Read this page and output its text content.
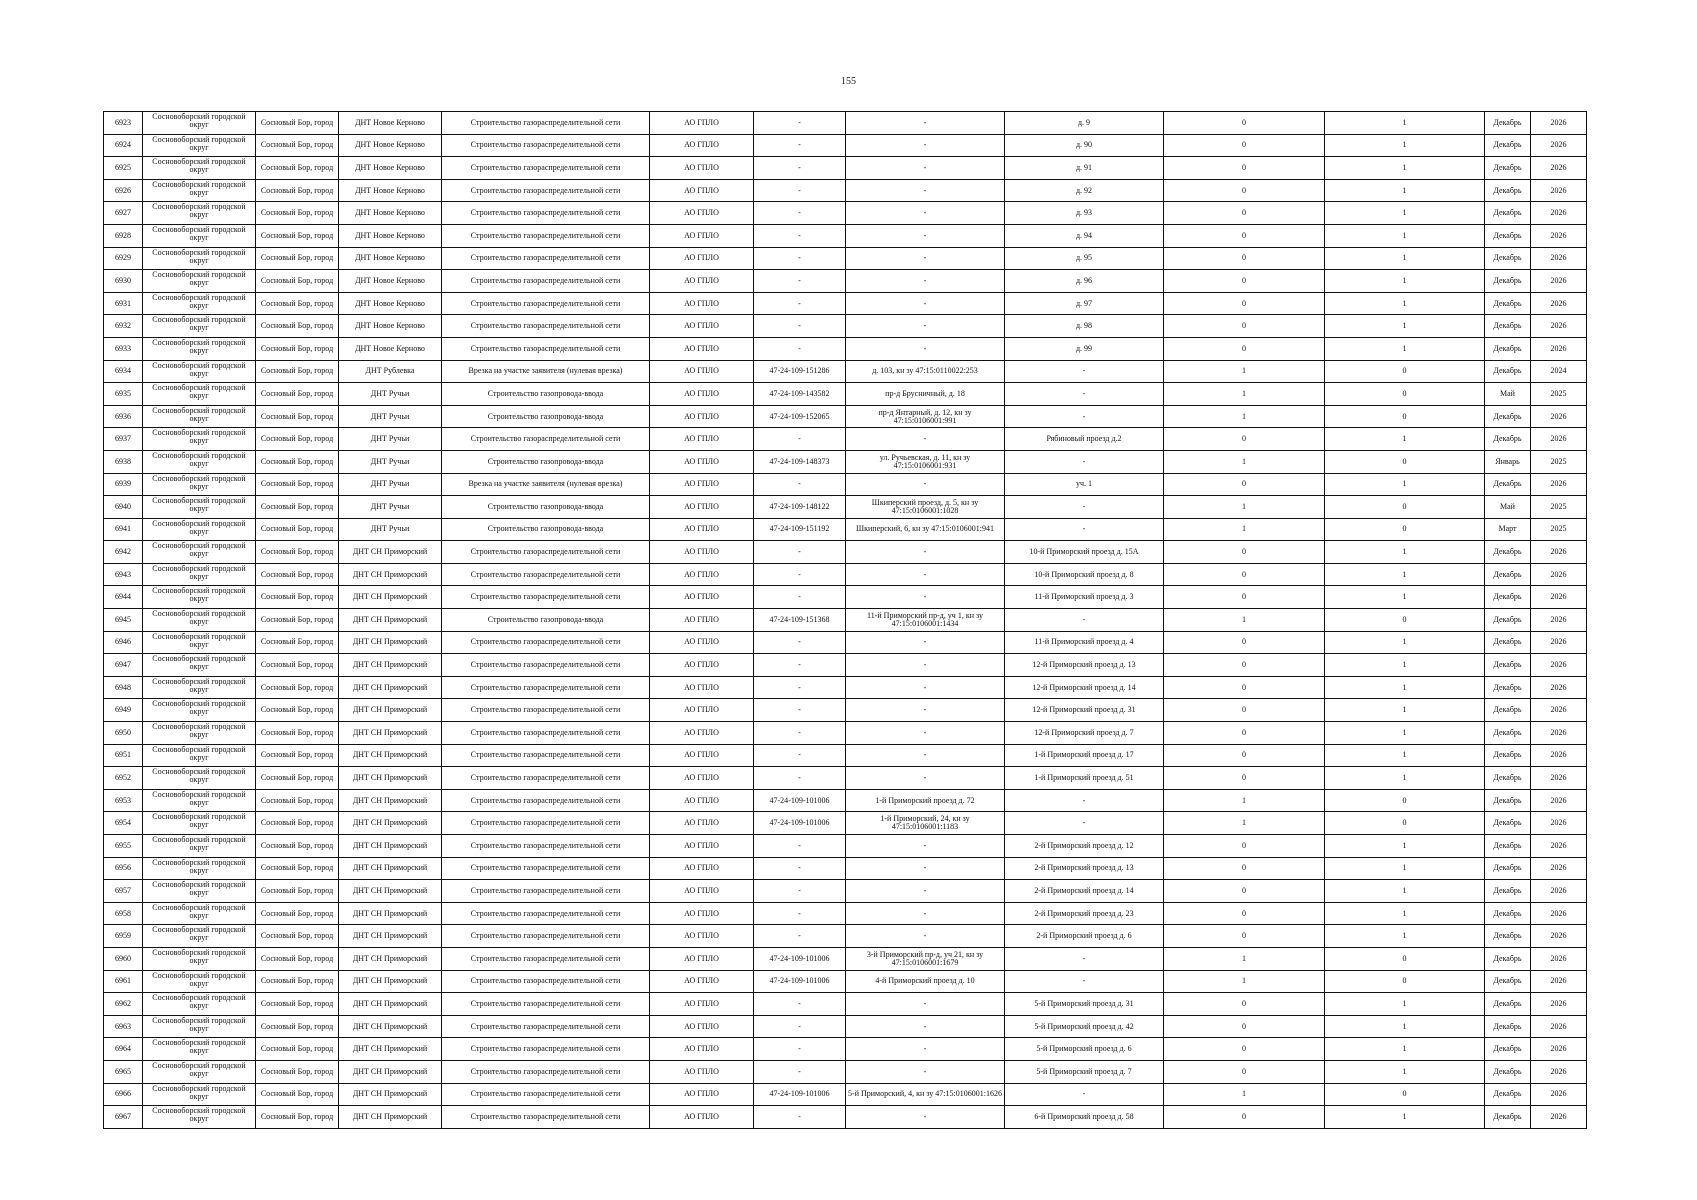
155
6923	Сосновоборский городской округ	Сосновый Бор, город	ДНТ Новое Керново	Строительство газораспределительной сети	АО ГПЛО	-	-	д. 9	0	1	Декабрь	2026
6924	Сосновоборский городской округ	Сосновый Бор, город	ДНТ Новое Керново	Строительство газораспределительной сети	АО ГПЛО	-	-	д. 90	0	1	Декабрь	2026
6925	Сосновоборский городской округ	Сосновый Бор, город	ДНТ Новое Керново	Строительство газораспределительной сети	АО ГПЛО	-	-	д. 91	0	1	Декабрь	2026
6926	Сосновоборский городской округ	Сосновый Бор, город	ДНТ Новое Керново	Строительство газораспределительной сети	АО ГПЛО	-	-	д. 92	0	1	Декабрь	2026
6927	Сосновоборский городской округ	Сосновый Бор, город	ДНТ Новое Керново	Строительство газораспределительной сети	АО ГПЛО	-	-	д. 93	0	1	Декабрь	2026
6928	Сосновоборский городской округ	Сосновый Бор, город	ДНТ Новое Керново	Строительство газораспределительной сети	АО ГПЛО	-	-	д. 94	0	1	Декабрь	2026
6929	Сосновоборский городской округ	Сосновый Бор, город	ДНТ Новое Керново	Строительство газораспределительной сети	АО ГПЛО	-	-	д. 95	0	1	Декабрь	2026
6930	Сосновоборский городской округ	Сосновый Бор, город	ДНТ Новое Керново	Строительство газораспределительной сети	АО ГПЛО	-	-	д. 96	0	1	Декабрь	2026
6931	Сосновоборский городской округ	Сосновый Бор, город	ДНТ Новое Керново	Строительство газораспределительной сети	АО ГПЛО	-	-	д. 97	0	1	Декабрь	2026
6932	Сосновоборский городской округ	Сосновый Бор, город	ДНТ Новое Керново	Строительство газораспределительной сети	АО ГПЛО	-	-	д. 98	0	1	Декабрь	2026
6933	Сосновоборский городской округ	Сосновый Бор, город	ДНТ Новое Керново	Строительство газораспределительной сети	АО ГПЛО	-	-	д. 99	0	1	Декабрь	2026
6934	Сосновоборский городской округ	Сосновый Бор, город	ДНТ Рублевка	Врезка на участке заявителя (нулевая врезка)	АО ГПЛО	47-24-109-151286	д. 103, кн зу 47:15:0110022:253	-	1	0	Декабрь	2024
6935	Сосновоборский городской округ	Сосновый Бор, город	ДНТ Ручьи	Строительство газопровода-ввода	АО ГПЛО	47-24-109-143582	пр-д Брусничный, д. 18	-	1	0	Май	2025
6936	Сосновоборский городской округ	Сосновый Бор, город	ДНТ Ручьи	Строительство газопровода-ввода	АО ГПЛО	47-24-109-152065	пр-д Янтарный, д. 12, кн зу 47:15:0106001:991	-	1	0	Декабрь	2026
6937	Сосновоборский городской округ	Сосновый Бор, город	ДНТ Ручьи	Строительство газораспределительной сети	АО ГПЛО	-	-	Рябиновый проезд д.2	0	1	Декабрь	2026
6938	Сосновоборский городской округ	Сосновый Бор, город	ДНТ Ручьи	Строительство газопровода-ввода	АО ГПЛО	47-24-109-148373	ул. Ручьевская, д. 11, кн зу 47:15:0106001:931	-	1	0	Январь	2025
6939	Сосновоборский городской округ	Сосновый Бор, город	ДНТ Ручьи	Врезка на участке заявителя (нулевая врезка)	АО ГПЛО	-	-	уч. 1	0	1	Декабрь	2026
6940	Сосновоборский городской округ	Сосновый Бор, город	ДНТ Ручьи	Строительство газопровода-ввода	АО ГПЛО	47-24-109-148122	Шкиперский проезд, д. 5, кн зу 47:15:0106001:1028	-	1	0	Май	2025
6941	Сосновоборский городской округ	Сосновый Бор, город	ДНТ Ручьи	Строительство газопровода-ввода	АО ГПЛО	47-24-109-151192	Шкиперский, 6, кн зу 47:15:0106001:941	-	1	0	Март	2025
6942	Сосновоборский городской округ	Сосновый Бор, город	ДНТ СН Приморский	Строительство газораспределительной сети	АО ГПЛО	-	-	10-й Приморский проезд д. 15А	0	1	Декабрь	2026
6943	Сосновоборский городской округ	Сосновый Бор, город	ДНТ СН Приморский	Строительство газораспределительной сети	АО ГПЛО	-	-	10-й Приморский проезд д. 8	0	1	Декабрь	2026
6944	Сосновоборский городской округ	Сосновый Бор, город	ДНТ СН Приморский	Строительство газораспределительной сети	АО ГПЛО	-	-	11-й Приморский проезд д. 3	0	1	Декабрь	2026
6945	Сосновоборский городской округ	Сосновый Бор, город	ДНТ СН Приморский	Строительство газопровода-ввода	АО ГПЛО	47-24-109-151368	11-й Приморский пр-д, уч 1, кн зу 47:15:0106001:1434	-	1	0	Декабрь	2026
6946	Сосновоборский городской округ	Сосновый Бор, город	ДНТ СН Приморский	Строительство газораспределительной сети	АО ГПЛО	-	-	11-й Приморский проезд д. 4	0	1	Декабрь	2026
6947	Сосновоборский городской округ	Сосновый Бор, город	ДНТ СН Приморский	Строительство газораспределительной сети	АО ГПЛО	-	-	12-й Приморский проезд д. 13	0	1	Декабрь	2026
6948	Сосновоборский городской округ	Сосновый Бор, город	ДНТ СН Приморский	Строительство газораспределительной сети	АО ГПЛО	-	-	12-й Приморский проезд д. 14	0	1	Декабрь	2026
6949	Сосновоборский городской округ	Сосновый Бор, город	ДНТ СН Приморский	Строительство газораспределительной сети	АО ГПЛО	-	-	12-й Приморский проезд д. 31	0	1	Декабрь	2026
6950	Сосновоборский городской округ	Сосновый Бор, город	ДНТ СН Приморский	Строительство газораспределительной сети	АО ГПЛО	-	-	12-й Приморский проезд д. 7	0	1	Декабрь	2026
6951	Сосновоборский городской округ	Сосновый Бор, город	ДНТ СН Приморский	Строительство газораспределительной сети	АО ГПЛО	-	-	1-й Приморский проезд д. 17	0	1	Декабрь	2026
6952	Сосновоборский городской округ	Сосновый Бор, город	ДНТ СН Приморский	Строительство газораспределительной сети	АО ГПЛО	-	-	1-й Приморский проезд д. 51	0	1	Декабрь	2026
6953	Сосновоборский городской округ	Сосновый Бор, город	ДНТ СН Приморский	Строительство газораспределительной сети	АО ГПЛО	47-24-109-101006	1-й Приморский проезд д. 72	-	1	0	Декабрь	2026
6954	Сосновоборский городской округ	Сосновый Бор, город	ДНТ СН Приморский	Строительство газораспределительной сети	АО ГПЛО	47-24-109-101006	1-й Приморский, 24, кн зу 47:15:0106001:1183	-	1	0	Декабрь	2026
6955	Сосновоборский городской округ	Сосновый Бор, город	ДНТ СН Приморский	Строительство газораспределительной сети	АО ГПЛО	-	-	2-й Приморский проезд д. 12	0	1	Декабрь	2026
6956	Сосновоборский городской округ	Сосновый Бор, город	ДНТ СН Приморский	Строительство газораспределительной сети	АО ГПЛО	-	-	2-й Приморский проезд д. 13	0	1	Декабрь	2026
6957	Сосновоборский городской округ	Сосновый Бор, город	ДНТ СН Приморский	Строительство газораспределительной сети	АО ГПЛО	-	-	2-й Приморский проезд д. 14	0	1	Декабрь	2026
6958	Сосновоборский городской округ	Сосновый Бор, город	ДНТ СН Приморский	Строительство газораспределительной сети	АО ГПЛО	-	-	2-й Приморский проезд д. 23	0	1	Декабрь	2026
6959	Сосновоборский городской округ	Сосновый Бор, город	ДНТ СН Приморский	Строительство газораспределительной сети	АО ГПЛО	-	-	2-й Приморский проезд д. 6	0	1	Декабрь	2026
6960	Сосновоборский городской округ	Сосновый Бор, город	ДНТ СН Приморский	Строительство газораспределительной сети	АО ГПЛО	47-24-109-101006	3-й Приморский пр-д, уч 21, кн зу 47:15:0106001:1679	-	1	0	Декабрь	2026
6961	Сосновоборский городской округ	Сосновый Бор, город	ДНТ СН Приморский	Строительство газораспределительной сети	АО ГПЛО	47-24-109-101006	4-й Приморский проезд д. 10	-	1	0	Декабрь	2026
6962	Сосновоборский городской округ	Сосновый Бор, город	ДНТ СН Приморский	Строительство газораспределительной сети	АО ГПЛО	-	-	5-й Приморский проезд д. 31	0	1	Декабрь	2026
6963	Сосновоборский городской округ	Сосновый Бор, город	ДНТ СН Приморский	Строительство газораспределительной сети	АО ГПЛО	-	-	5-й Приморский проезд д. 42	0	1	Декабрь	2026
6964	Сосновоборский городской округ	Сосновый Бор, город	ДНТ СН Приморский	Строительство газораспределительной сети	АО ГПЛО	-	-	5-й Приморский проезд д. 6	0	1	Декабрь	2026
6965	Сосновоборский городской округ	Сосновый Бор, город	ДНТ СН Приморский	Строительство газораспределительной сети	АО ГПЛО	-	-	5-й Приморский проезд д. 7	0	1	Декабрь	2026
6966	Сосновоборский городской округ	Сосновый Бор, город	ДНТ СН Приморский	Строительство газораспределительной сети	АО ГПЛО	47-24-109-101006	5-й Приморский, 4, кн зу 47:15:0106001:1626	-	1	0	Декабрь	2026
6967	Сосновоборский городской округ	Сосновый Бор, город	ДНТ СН Приморский	Строительство газораспределительной сети	АО ГПЛО	-	-	6-й Приморский проезд д. 58	0	1	Декабрь	2026
